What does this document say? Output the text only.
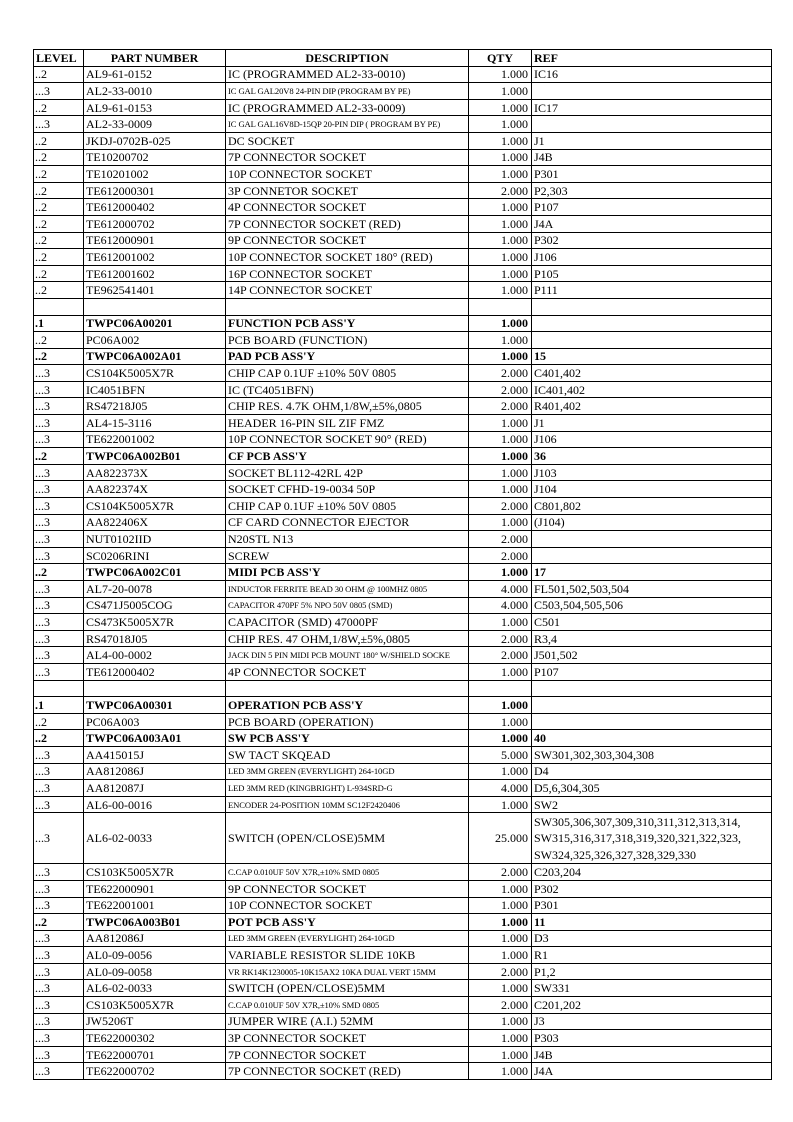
LEVEL	PART NUMBER	DESCRIPTION	QTY	REF
..2	AL9-61-0152	IC (PROGRAMMED AL2-33-0010)	1.000	IC16
...3	AL2-33-0010	IC GAL GAL20V8 24-PIN DIP (PROGRAM BY PE)	1.000	
..2	AL9-61-0153	IC (PROGRAMMED AL2-33-0009)	1.000	IC17
...3	AL2-33-0009	IC GAL GAL16V8D-15QP 20-PIN DIP ( PROGRAM BY PE)	1.000	
..2	JKDJ-0702B-025	DC SOCKET	1.000	J1
..2	TE10200702	7P CONNECTOR SOCKET	1.000	J4B
..2	TE10201002	10P CONNECTOR SOCKET	1.000	P301
..2	TE612000301	3P CONNETOR SOCKET	2.000	P2,303
..2	TE612000402	4P CONNECTOR SOCKET	1.000	P107
..2	TE612000702	7P CONNECTOR SOCKET (RED)	1.000	J4A
..2	TE612000901	9P CONNECTOR SOCKET	1.000	P302
..2	TE612001002	10P CONNECTOR SOCKET 180° (RED)	1.000	J106
..2	TE612001602	16P CONNECTOR SOCKET	1.000	P105
..2	TE962541401	14P CONNECTOR SOCKET	1.000	P111

.1	TWPC06A00201	FUNCTION PCB ASS'Y	1.000	
..2	PC06A002	PCB BOARD (FUNCTION)	1.000	
..2	TWPC06A002A01	PAD PCB ASS'Y	1.000	15
...3	CS104K5005X7R	CHIP CAP 0.1UF ±10% 50V 0805	2.000	C401,402
...3	IC4051BFN	IC (TC4051BFN)	2.000	IC401,402
...3	RS47218J05	CHIP RES. 4.7K OHM,1/8W,±5%,0805	2.000	R401,402
...3	AL4-15-3116	HEADER 16-PIN SIL ZIF FMZ	1.000	J1
...3	TE622001002	10P CONNECTOR SOCKET 90° (RED)	1.000	J106
..2	TWPC06A002B01	CF PCB ASS'Y	1.000	36
...3	AA822373X	SOCKET BL112-42RL 42P	1.000	J103
...3	AA822374X	SOCKET CFHD-19-0034 50P	1.000	J104
...3	CS104K5005X7R	CHIP CAP 0.1UF ±10% 50V 0805	2.000	C801,802
...3	AA822406X	CF CARD CONNECTOR EJECTOR	1.000	(J104)
...3	NUT0102IID	N20STL N13	2.000	
...3	SC0206RINI	SCREW	2.000	
..2	TWPC06A002C01	MIDI PCB ASS'Y	1.000	17
...3	AL7-20-0078	INDUCTOR FERRITE BEAD 30 OHM @ 100MHZ 0805	4.000	FL501,502,503,504
...3	CS471J5005COG	CAPACITOR 470PF 5% NPO 50V 0805 (SMD)	4.000	C503,504,505,506
...3	CS473K5005X7R	CAPACITOR (SMD) 47000PF	1.000	C501
...3	RS47018J05	CHIP RES. 47 OHM,1/8W,±5%,0805	2.000	R3,4
...3	AL4-00-0002	JACK DIN 5 PIN MIDI PCB MOUNT 180° W/SHIELD SOCKE	2.000	J501,502
...3	TE612000402	4P CONNECTOR SOCKET	1.000	P107

.1	TWPC06A00301	OPERATION PCB ASS'Y	1.000	
..2	PC06A003	PCB BOARD (OPERATION)	1.000	
..2	TWPC06A003A01	SW PCB ASS'Y	1.000	40
...3	AA415015J	SW TACT SKQEAD	5.000	SW301,302,303,304,308
...3	AA812086J	LED 3MM GREEN (EVERYLIGHT) 264-10GD	1.000	D4
...3	AA812087J	LED 3MM RED (KINGBRIGHT) L-934SRD-G	4.000	D5,6,304,305
...3	AL6-00-0016	ENCODER 24-POSITION 10MM SC12F2420406	1.000	SW2
...3	AL6-02-0033	SWITCH (OPEN/CLOSE)5MM	25.000	SW305,306,307,309,310,311,312,313,314, SW315,316,317,318,319,320,321,322,323, SW324,325,326,327,328,329,330
...3	CS103K5005X7R	C.CAP 0.010UF 50V X7R,±10% SMD 0805	2.000	C203,204
...3	TE622000901	9P CONNECTOR SOCKET	1.000	P302
...3	TE622001001	10P CONNECTOR SOCKET	1.000	P301
..2	TWPC06A003B01	POT PCB ASS'Y	1.000	11
...3	AA812086J	LED 3MM GREEN (EVERYLIGHT) 264-10GD	1.000	D3
...3	AL0-09-0056	VARIABLE RESISTOR SLIDE 10KB	1.000	R1
...3	AL0-09-0058	VR RK14K1230005-10K15AX2 10KA DUAL VERT 15MM	2.000	P1,2
...3	AL6-02-0033	SWITCH (OPEN/CLOSE)5MM	1.000	SW331
...3	CS103K5005X7R	C.CAP 0.010UF 50V X7R,±10% SMD 0805	2.000	C201,202
...3	JW5206T	JUMPER WIRE (A.I.) 52MM	1.000	J3
...3	TE622000302	3P CONNECTOR SOCKET	1.000	P303
...3	TE622000701	7P CONNECTOR SOCKET	1.000	J4B
...3	TE622000702	7P CONNECTOR SOCKET (RED)	1.000	J4A
